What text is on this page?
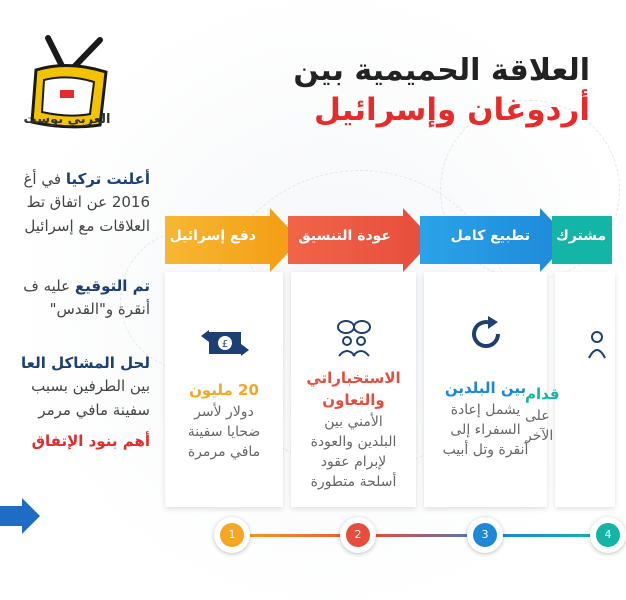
العربي بوست
العلاقة الحميمية بين
أردوغان وإسرائيل
أعلنت تركيا في أغ
2016 عن اتفاق تط
العلاقات مع إسرائيل
تم التوقيع عليه ف
أنقرة و"القدس"
لحل المشاكل العا
بين الطرفين بسبب
سفينة مافي مرمر
أهم بنود الإتفاق
دفع إسرائيل	عودة التنسيق	تطبيع كامل مشترك
£
20 مليون
دولار لأسر
ضحايا سفينة
مافي مرمرة
الاستخباراتي والتعاون
الأمني بين
البلدين والعودة
لإبرام عقود
أسلحة متطورة
بين البلدين
يشمل إعادة
السفراء إلى
أنقرة وتل أبيب
قدام
على
الآخر
1	2	3	4
